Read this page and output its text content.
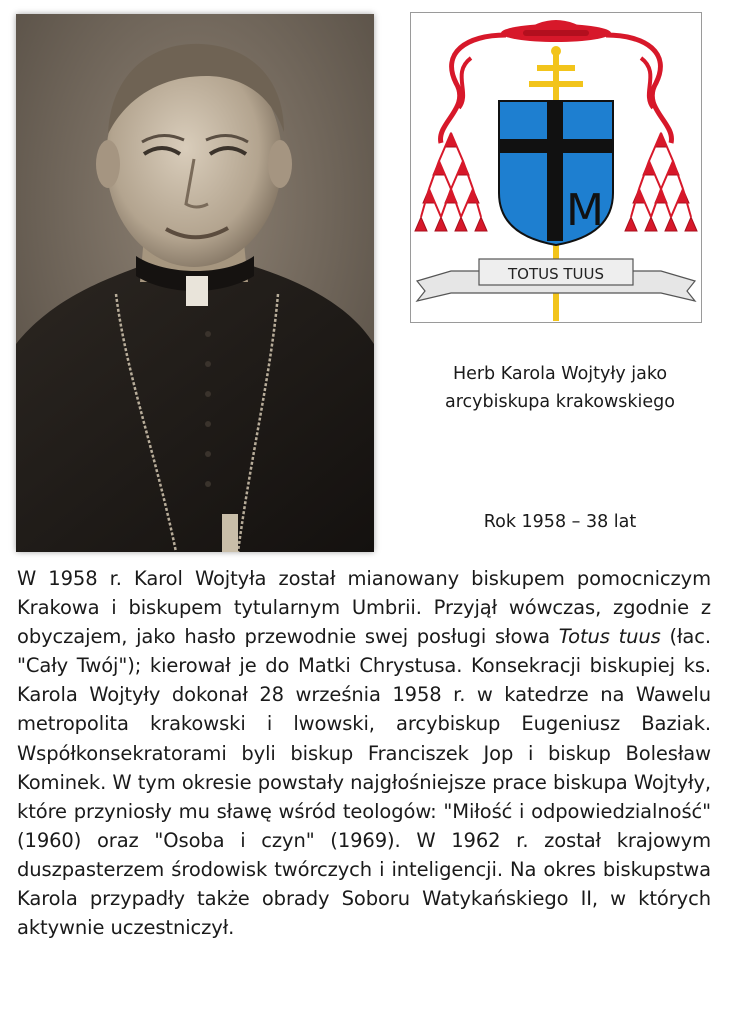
M
TOTUS TUUS
Herb Karola Wojtyły jako
arcybiskupa krakowskiego
Rok 1958 – 38 lat
W 1958 r. Karol Wojtyła został mianowany biskupem pomocniczym Krakowa i biskupem tytularnym Umbrii. Przyjął wówczas, zgodnie z obyczajem, jako hasło przewodnie swej posługi słowa Totus tuus (łac. "Cały Twój"); kierował je do Matki Chrystusa. Konsekracji biskupiej ks. Karola Wojtyły dokonał 28 września 1958 r. w katedrze na Wawelu metropolita krakowski i lwowski, arcybiskup Eugeniusz Baziak. Współkonsekratorami byli biskup Franciszek Jop i biskup Bolesław Kominek. W tym okresie powstały najgłośniejsze prace biskupa Wojtyły, które przyniosły mu sławę wśród teologów: "Miłość i odpowiedzialność" (1960) oraz "Osoba i czyn" (1969). W 1962 r. został krajowym duszpasterzem środowisk twórczych i inteligencji. Na okres biskupstwa Karola przypadły także obrady Soboru Watykańskiego II, w których aktywnie uczestniczył.
